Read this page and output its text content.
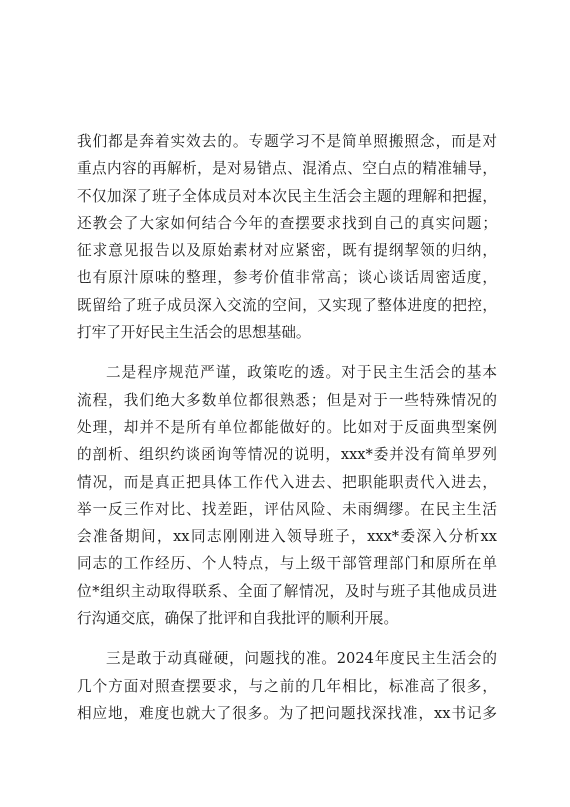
我们都是奔着实效去的。专题学习不是简单照搬照念，而是对
重点内容的再解析，是对易错点、混淆点、空白点的精准辅导，
不仅加深了班子全体成员对本次民主生活会主题的理解和把握，
还教会了大家如何结合今年的查摆要求找到自己的真实问题；
征求意见报告以及原始素材对应紧密，既有提纲挈领的归纳，
也有原汁原味的整理，参考价值非常高；谈心谈话周密适度，
既留给了班子成员深入交流的空间，又实现了整体进度的把控，
打牢了开好民主生活会的思想基础。
二是程序规范严谨，政策吃的透。对于民主生活会的基本
流程，我们绝大多数单位都很熟悉；但是对于一些特殊情况的
处理，却并不是所有单位都能做好的。比如对于反面典型案例
的剖析、组织约谈函询等情况的说明，xxx*委并没有简单罗列
情况，而是真正把具体工作代入进去、把职能职责代入进去，
举一反三作对比、找差距，评估风险、未雨绸缪。在民主生活
会准备期间，xx同志刚刚进入领导班子，xxx*委深入分析xx
同志的工作经历、个人特点，与上级干部管理部门和原所在单
位*组织主动取得联系、全面了解情况，及时与班子其他成员进
行沟通交底，确保了批评和自我批评的顺利开展。
三是敢于动真碰硬，问题找的准。2024年度民主生活会的
几个方面对照查摆要求，与之前的几年相比，标准高了很多，
相应地，难度也就大了很多。为了把问题找深找准，xx书记多
